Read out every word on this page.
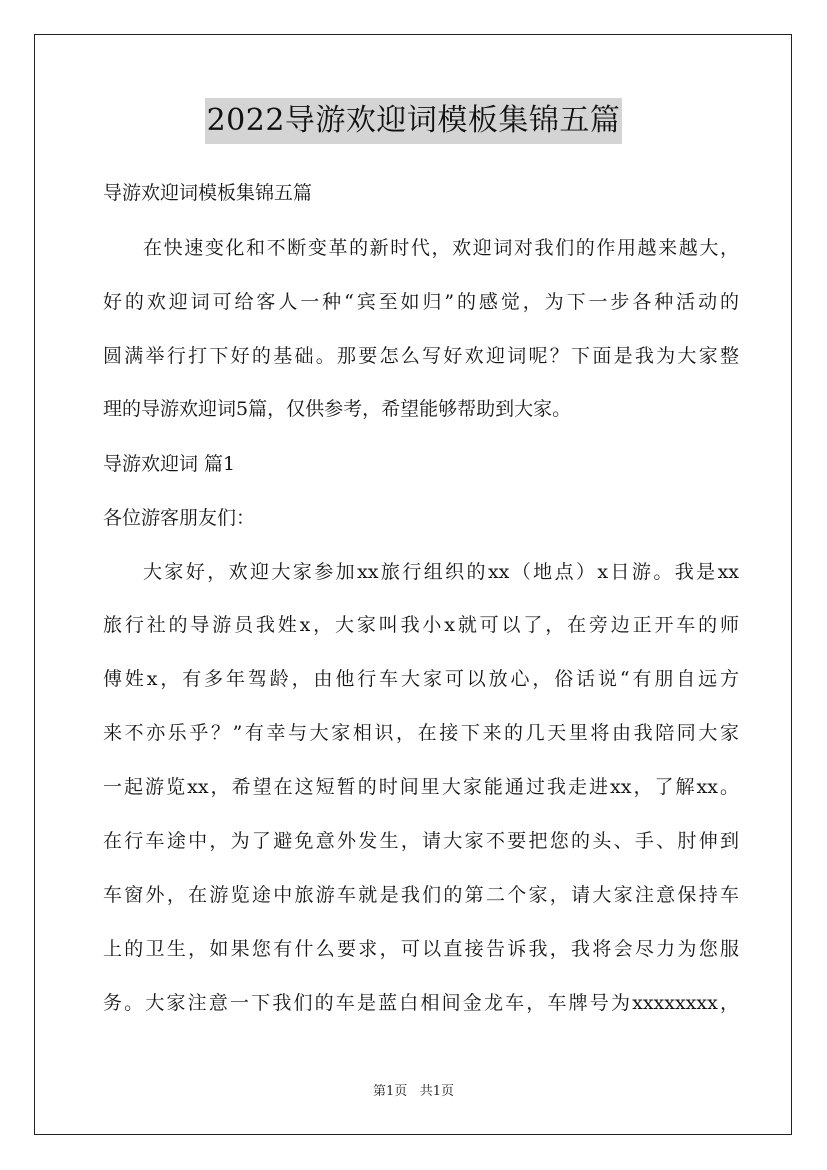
2022导游欢迎词模板集锦五篇
导游欢迎词模板集锦五篇
在快速变化和不断变革的新时代，欢迎词对我们的作用越来越大，
好的欢迎词可给客人一种“宾至如归”的感觉，为下一步各种活动的
圆满举行打下好的基础。那要怎么写好欢迎词呢？下面是我为大家整
理的导游欢迎词5篇，仅供参考，希望能够帮助到大家。
导游欢迎词 篇1
各位游客朋友们：
大家好，欢迎大家参加xx旅行组织的xx（地点）x日游。我是xx
旅行社的导游员我姓x，大家叫我小x就可以了，在旁边正开车的师
傅姓x，有多年驾龄，由他行车大家可以放心，俗话说“有朋自远方
来不亦乐乎？”有幸与大家相识，在接下来的几天里将由我陪同大家
一起游览xx，希望在这短暂的时间里大家能通过我走进xx，了解xx。
在行车途中，为了避免意外发生，请大家不要把您的头、手、肘伸到
车窗外，在游览途中旅游车就是我们的第二个家，请大家注意保持车
上的卫生，如果您有什么要求，可以直接告诉我，我将会尽力为您服
务。大家注意一下我们的车是蓝白相间金龙车，车牌号为xxxxxxxx，
第1页 共1页
